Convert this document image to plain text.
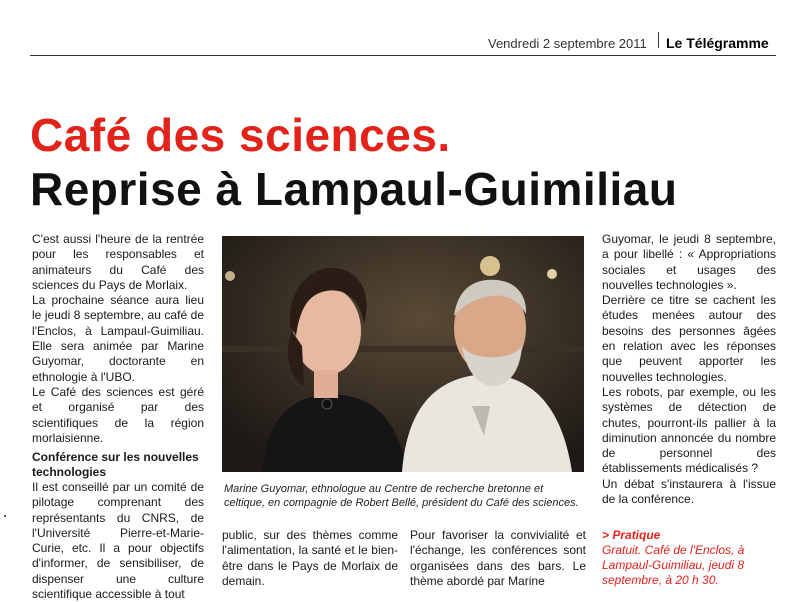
Vendredi 2 septembre 2011 Le Télégramme
Café des sciences.
Reprise à Lampaul-Guimiliau

C'est aussi l'heure de la rentrée pour les responsables et animateurs du Café des sciences du Pays de Morlaix.

La prochaine séance aura lieu le jeudi 8 septembre, au café de l'Enclos, à Lampaul-Guimiliau. Elle sera animée par Marine Guyomar, doctorante en ethnologie à l'UBO.

Le Café des sciences est géré et organisé par des scientifiques de la région morlaisienne.

Conférence sur les nouvelles technologies

Il est conseillé par un comité de pilotage comprenant des représentants du CNRS, de l'Université Pierre-et-Marie-Curie, etc. Il a pour objectifs d'informer, de sensibiliser, de dispenser une culture scientifique accessible à tout

Marine Guyomar, ethnologue au Centre de recherche bretonne et celtique, en compagnie de Robert Bellé, président du Café des sciences.

public, sur des thèmes comme l'alimentation, la santé et le bien-être dans le Pays de Morlaix de demain.

Pour favoriser la convivialité et l'échange, les conférences sont organisées dans des bars. Le thème abordé par Marine

Guyomar, le jeudi 8 septembre, a pour libellé : « Appropriations sociales et usages des nouvelles technologies ».

Derrière ce titre se cachent les études menées autour des besoins des personnes âgées en relation avec les réponses que peuvent apporter les nouvelles technologies.

Les robots, par exemple, ou les systèmes de détection de chutes, pourront-ils pallier à la diminution annoncée du nombre de personnel des établissements médicalisés ?

Un débat s'instaurera à l'issue de la conférence.

> Pratique
Gratuit. Café de l'Enclos, à Lampaul-Guimiliau, jeudi 8 septembre, à 20 h 30.
